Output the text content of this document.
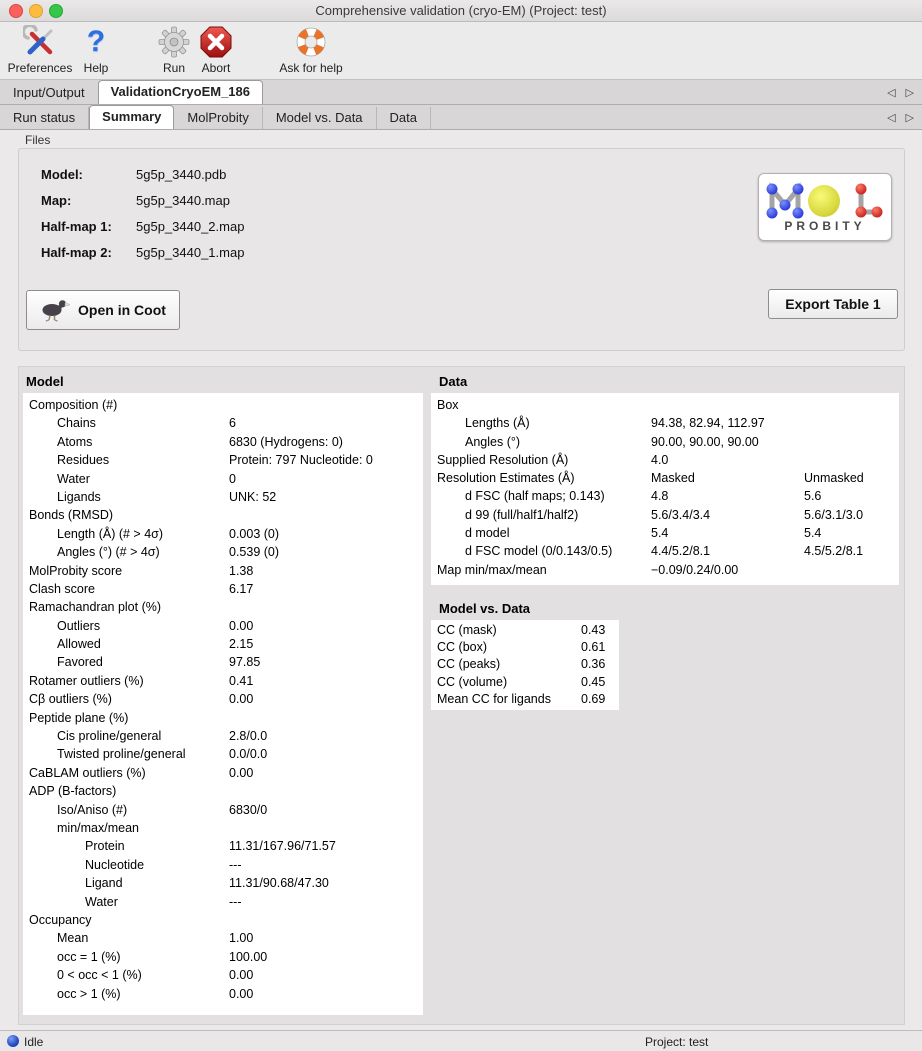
Comprehensive validation (cryo-EM) (Project: test)
Preferences
?
Help	Run	Abort	Ask for help
Input/Output	ValidationCryoEM_186	◁ ▷
Run status	Summary	MolProbity	Model vs. Data	Data	◁ ▷
Files
Model:	5g5p_3440.pdb
Map:	5g5p_3440.map
Half-map 1: 5g5p_3440_2.map
Half-map 2: 5g5p_3440_1.map
PROBITY
Open in Coot	Export Table 1
Model	Data
Model vs. Data
Composition (#)
Chains	6
Atoms	6830 (Hydrogens: 0)
Residues	Protein: 797 Nucleotide: 0
Water	0
Ligands	UNK: 52
Bonds (RMSD)
Length (Å) (# > 4σ)	0.003 (0)
Angles (°) (# > 4σ)	0.539 (0)
MolProbity score	1.38
Clash score	6.17
Ramachandran plot (%)
Outliers	0.00
Allowed	2.15
Favored	97.85
Rotamer outliers (%)	0.41
Cβ outliers (%)	0.00
Peptide plane (%)
Cis proline/general	2.8/0.0
Twisted proline/general	0.0/0.0
CaBLAM outliers (%)	0.00
ADP (B-factors)
Iso/Aniso (#)	6830/0
min/max/mean
Protein	11.31/167.96/71.57
Nucleotide	---
Ligand	11.31/90.68/47.30
Water	---
Occupancy
Mean	1.00
occ = 1 (%)	100.00
0 < occ < 1 (%)	0.00
occ > 1 (%)	0.00
Box
Lengths (Å)	94.38, 82.94, 112.97
Angles (°)	90.00, 90.00, 90.00
Supplied Resolution (Å)	4.0
Resolution Estimates (Å)	Masked	Unmasked
d FSC (half maps; 0.143)	4.8	5.6
d 99 (full/half1/half2)	5.6/3.4/3.4	5.6/3.1/3.0
d model	5.4	5.4
d FSC model (0/0.143/0.5)	4.4/5.2/8.1	4.5/5.2/8.1
Map min/max/mean	−0.09/0.24/0.00
CC (mask)	0.43
CC (box)	0.61
CC (peaks)	0.36
CC (volume)	0.45
Mean CC for ligands 0.69
Idle	Project: test
